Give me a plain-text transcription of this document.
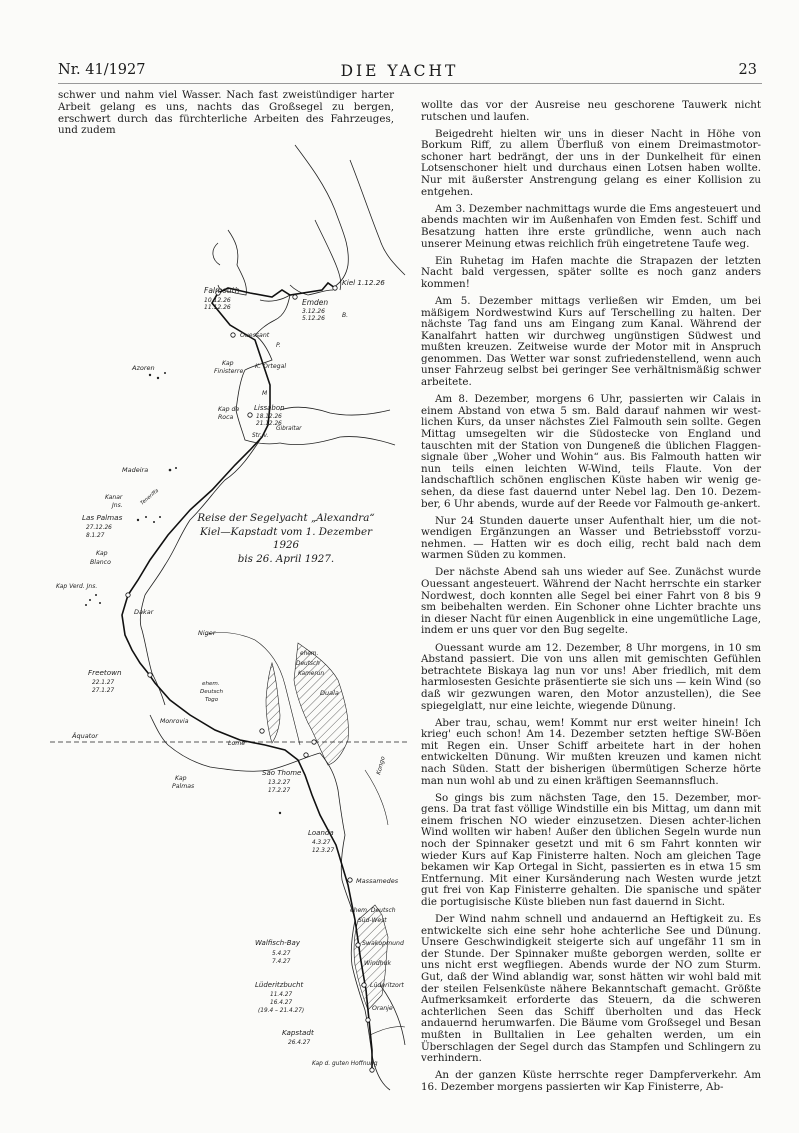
Nr. 41/1927	DIE YACHT	23

schwer und nahm viel Wasser. Nach fast zweistündiger harter Arbeit gelang es uns, nachts das Großsegel zu bergen, erschwert durch das fürchterliche Arbeiten des Fahrzeuges, und zudem

Kiel 1.12.26
Emden
3.12.26
5.12.26	B.
Falmouth
10.12.26
11.12.26
Ouessant
P.
Kap
Finisterre
K. Ortegal
Azoren
M
Kap de
Roca
Lissabon
18.12.26
21.12.26
Str. v.
Gibraltar
Madeira
Kanar
Jns.	Teneriffa
Las Palmas
27.12.26
8.1.27
Kap
Blanco
Kap Verd. Jns.
Dakar
Niger
Freetown
22.1.27
27.1.27
ehem.
Deutsch
Togo
ehem.
Deutsch
Kamerun
Monrovia
Lome
Duala
Kap
Palmas
Äquator
Sao Thome
13.2.27
17.2.27
Kongo
Loanda
4.3.27
12.3.27
Massamedes
ehem. Deutsch
Süd-West
Swakopmund
Windhuk
Walfisch-Bay
5.4.27
7.4.27
Lüderitzbucht
11.4.27
16.4.27
(19.4 – 21.4.27)
Lüderitzort
Oranje
Kapstadt
26.4.27
Kap d. guten Hoffnung
Reise der Segelyacht „Alexandra“
Kiel—Kapstadt vom 1. Dezember 1926
bis 26. April 1927.

wollte das vor der Ausreise neu geschorene Tauwerk nicht rutschen und laufen.

Beigedreht hielten wir uns in dieser Nacht in Höhe von Borkum Riff, zu allem Überfluß von einem Dreimastmotor-schoner hart bedrängt, der uns in der Dunkelheit für einen Lotsenschoner hielt und durchaus einen Lotsen haben wollte. Nur mit äußerster Anstrengung gelang es einer Kollision zu entgehen.

Am 3. Dezember nachmittags wurde die Ems angesteuert und abends machten wir im Außenhafen von Emden fest. Schiff und Besatzung hatten ihre erste gründliche, wenn auch nach unserer Meinung etwas reichlich früh eingetretene Taufe weg.

Ein Ruhetag im Hafen machte die Strapazen der letzten Nacht bald vergessen, später sollte es noch ganz anders kommen!

Am 5. Dezember mittags verließen wir Emden, um bei mäßigem Nordwestwind Kurs auf Terschelling zu halten. Der nächste Tag fand uns am Eingang zum Kanal. Während der Kanalfahrt hatten wir durchweg ungünstigen Südwest und mußten kreuzen. Zeitweise wurde der Motor mit in Anspruch genommen. Das Wetter war sonst zufriedenstellend, wenn auch unser Fahrzeug selbst bei geringer See verhältnismäßig schwer arbeitete.

Am 8. Dezember, morgens 6 Uhr, passierten wir Calais in einem Abstand von etwa 5 sm. Bald darauf nahmen wir west-lichen Kurs, da unser nächstes Ziel Falmouth sein sollte. Gegen Mittag umsegelten wir die Südostecke von England und tauschten mit der Station von Dungeneß die üblichen Flaggen-signale über „Woher und Wohin“ aus. Bis Falmouth hatten wir nun teils einen leichten W-Wind, teils Flaute. Von der landschaftlich schönen englischen Küste haben wir wenig ge-sehen, da diese fast dauernd unter Nebel lag. Den 10. Dezem-ber, 6 Uhr abends, wurde auf der Reede vor Falmouth ge-ankert.

Nur 24 Stunden dauerte unser Aufenthalt hier, um die not-wendigen Ergänzungen an Wasser und Betriebsstoff vorzu-nehmen. — Hatten wir es doch eilig, recht bald nach dem warmen Süden zu kommen.

Der nächste Abend sah uns wieder auf See. Zunächst wurde Ouessant angesteuert. Während der Nacht herrschte ein starker Nordwest, doch konnten alle Segel bei einer Fahrt von 8 bis 9 sm beibehalten werden. Ein Schoner ohne Lichter brachte uns in dieser Nacht für einen Augenblick in eine ungemütliche Lage, indem er uns quer vor den Bug segelte.

Ouessant wurde am 12. Dezember, 8 Uhr morgens, in 10 sm Abstand passiert. Die von uns allen mit gemischten Gefühlen betrachtete Biskaya lag nun vor uns! Aber friedlich, mit dem harmlosesten Gesichte präsentierte sie sich uns — kein Wind (so daß wir gezwungen waren, den Motor anzustellen), die See spiegelglatt, nur eine leichte, wiegende Dünung.

Aber trau, schau, wem! Kommt nur erst weiter hinein! Ich krieg' euch schon! Am 14. Dezember setzten heftige SW-Böen mit Regen ein. Unser Schiff arbeitete hart in der hohen entwickelten Dünung. Wir mußten kreuzen und kamen nicht nach Süden. Statt der bisherigen übermütigen Scherze hörte man nun wohl ab und zu einen kräftigen Seemannsfluch.

So gings bis zum nächsten Tage, den 15. Dezember, mor-gens. Da trat fast völlige Windstille ein bis Mittag, um dann mit einem frischen NO wieder einzusetzen. Diesen achter-lichen Wind wollten wir haben! Außer den üblichen Segeln wurde nun noch der Spinnaker gesetzt und mit 6 sm Fahrt konnten wir wieder Kurs auf Kap Finisterre halten. Noch am gleichen Tage bekamen wir Kap Ortegal in Sicht, passierten es in etwa 15 sm Entfernung. Mit einer Kursänderung nach Westen wurde jetzt gut frei von Kap Finisterre gehalten. Die spanische und später die portugisische Küste blieben nun fast dauernd in Sicht.

Der Wind nahm schnell und andauernd an Heftigkeit zu. Es entwickelte sich eine sehr hohe achterliche See und Dünung. Unsere Geschwindigkeit steigerte sich auf ungefähr 11 sm in der Stunde. Der Spinnaker mußte geborgen werden, sollte er uns nicht erst wegfliegen. Abends wurde der NO zum Sturm. Gut, daß der Wind ablandig war, sonst hätten wir wohl bald mit der steilen Felsenküste nähere Bekanntschaft gemacht. Größte Aufmerksamkeit erforderte das Steuern, da die schweren achterlichen Seen das Schiff überholten und das Heck andauernd herumwarfen. Die Bäume vom Großsegel und Besan mußten in Bulltalien in Lee gehalten werden, um ein Überschlagen der Segel durch das Stampfen und Schlingern zu verhindern.

An der ganzen Küste herrschte reger Dampferverkehr. Am 16. Dezember morgens passierten wir Kap Finisterre, Ab-
